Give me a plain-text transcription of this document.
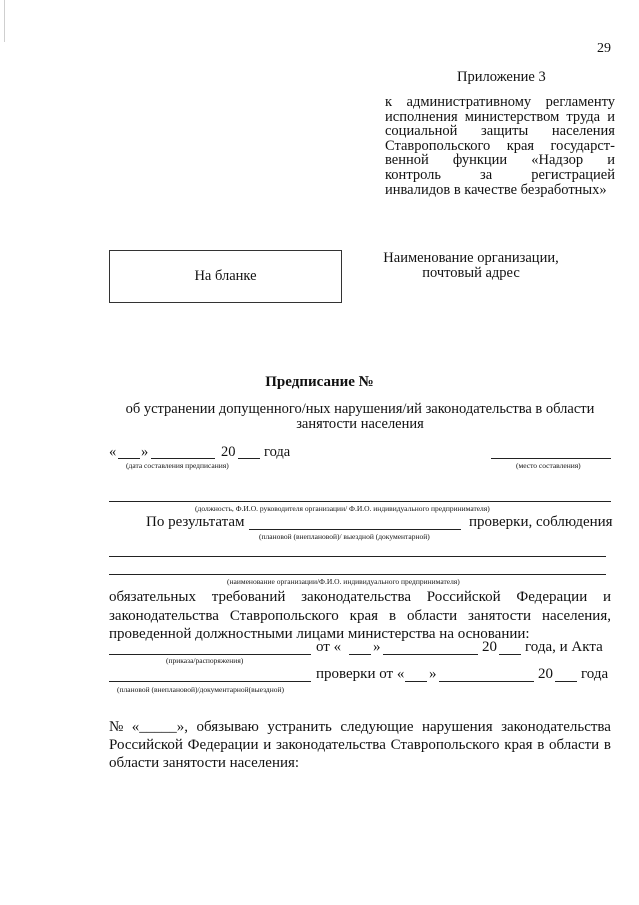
29
Приложение 3
к административному регламенту
исполнения министерством труда и
социальной защиты населения
Ставропольского края государст-
венной функции «Надзор и
контроль	за	регистрацией
инвалидов в качестве безработных»
На бланке
Наименование организации,
почтовый адрес
Предписание №
об устранении допущенного/ных нарушения/ий законодательства в области
занятости населения
« »	20 года
(дата составления предписания)	(место составления)
(должность, Ф.И.О. руководителя организации/ Ф.И.О. индивидуального предпринимателя)
По результатам	проверки, соблюдения
(плановой (внеплановой)/ выездной (документарной)
(наименование организации/Ф.И.О. индивидуального предпринимателя)
обязательных требований законодательства Российской Федерации и
законодательства Ставропольского края в области занятости населения,
проведенной должностными лицами министерства на основании:
от « »	20 года, и Акта
(приказа/распоряжения)
проверки от « »	20 года
(плановой (внеплановой)/документарной(выездной)
№ «_____», обязываю устранить следующие нарушения законодательства
Российской Федерации и законодательства Ставропольского края в области в
области занятости населения:
